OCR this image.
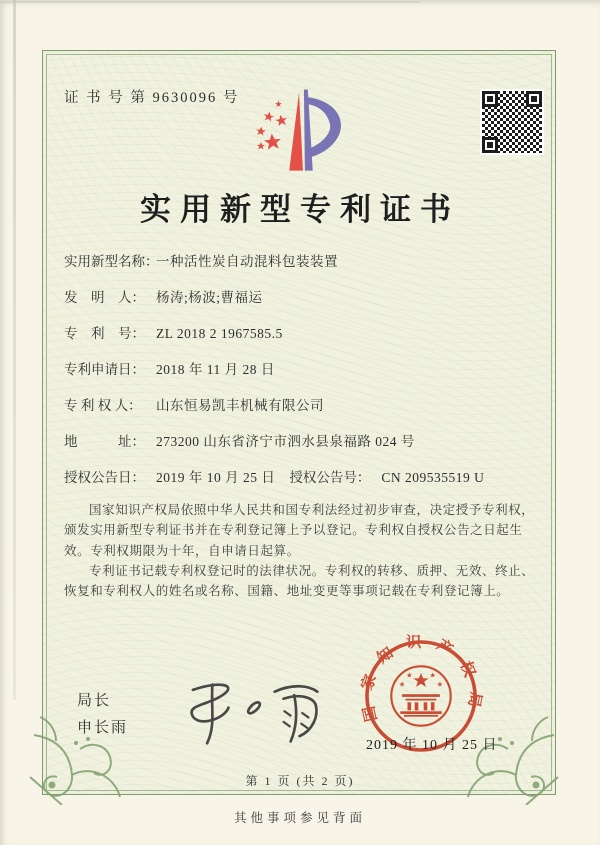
证 书 号 第 9630096 号
实用新型专利证书
实用新型名称：
一种活性炭自动混料包装装置
发　明　人： 杨涛;杨波;曹福运
专　利　号： ZL 2018 2 1967585.5
专利申请日： 2018 年 11 月 28 日
专 利 权 人：	山东恒易凯丰机械有限公司
地　　　址： 273200 山东省济宁市泗水县泉福路 024 号
授权公告日： 2019 年 10 月 25 日 授权公告号： CN 209535519 U

国家知识产权局依照中华人民共和国专利法经过初步审查，决定授予专利权，颁发实用新型专利证书并在专利登记簿上予以登记。专利权自授权公告之日起生效。专利权期限为十年，自申请日起算。

专利证书记载专利权登记时的法律状况。专利权的转移、质押、无效、终止、恢复和专利权人的姓名或名称、国籍、地址变更等事项记载在专利登记簿上。

局长
申长雨
国家知识产权局
2019 年 10 月 25 日
第 1 页 (共 2 页)
其他事项参见背面
